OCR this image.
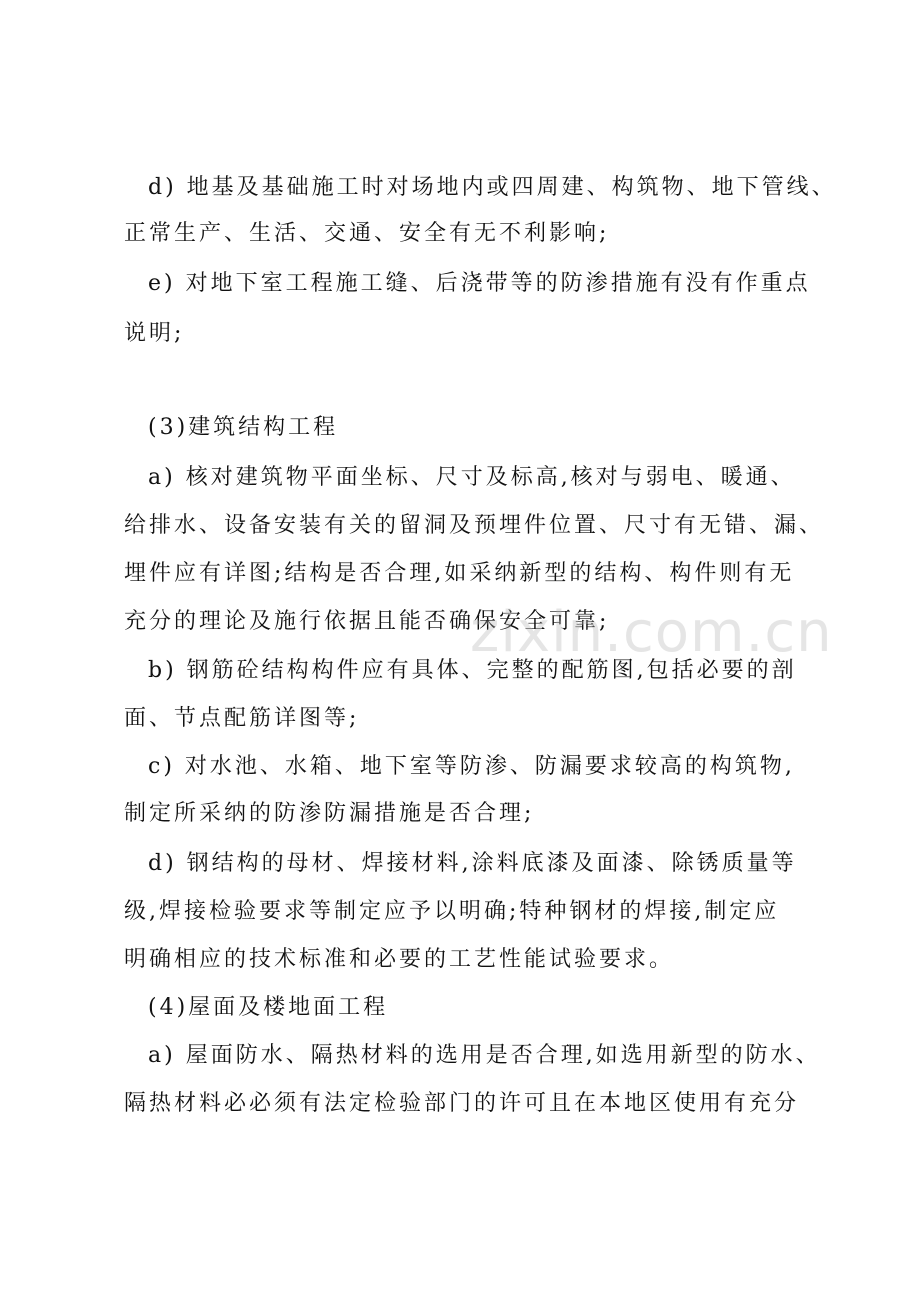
d) 地基及基础施工时对场地内或四周建、构筑物、地下管线、
正常生产、生活、交通、安全有无不利影响;
e) 对地下室工程施工缝、后浇带等的防渗措施有没有作重点
说明;
(3)建筑结构工程
a) 核对建筑物平面坐标、尺寸及标高,核对与弱电、暖通、
给排水、设备安装有关的留洞及预埋件位置、尺寸有无错、漏、
埋件应有详图;结构是否合理,如采纳新型的结构、构件则有无
充分的理论及施行依据且能否确保安全可靠;
b) 钢筋砼结构构件应有具体、完整的配筋图,包括必要的剖
面、节点配筋详图等;
c) 对水池、水箱、地下室等防渗、防漏要求较高的构筑物,
制定所采纳的防渗防漏措施是否合理;
d) 钢结构的母材、焊接材料,涂料底漆及面漆、除锈质量等
级,焊接检验要求等制定应予以明确;特种钢材的焊接,制定应
明确相应的技术标准和必要的工艺性能试验要求。
(4)屋面及楼地面工程
a) 屋面防水、隔热材料的选用是否合理,如选用新型的防水、
隔热材料必必须有法定检验部门的许可且在本地区使用有充分
zixin.com.cn
